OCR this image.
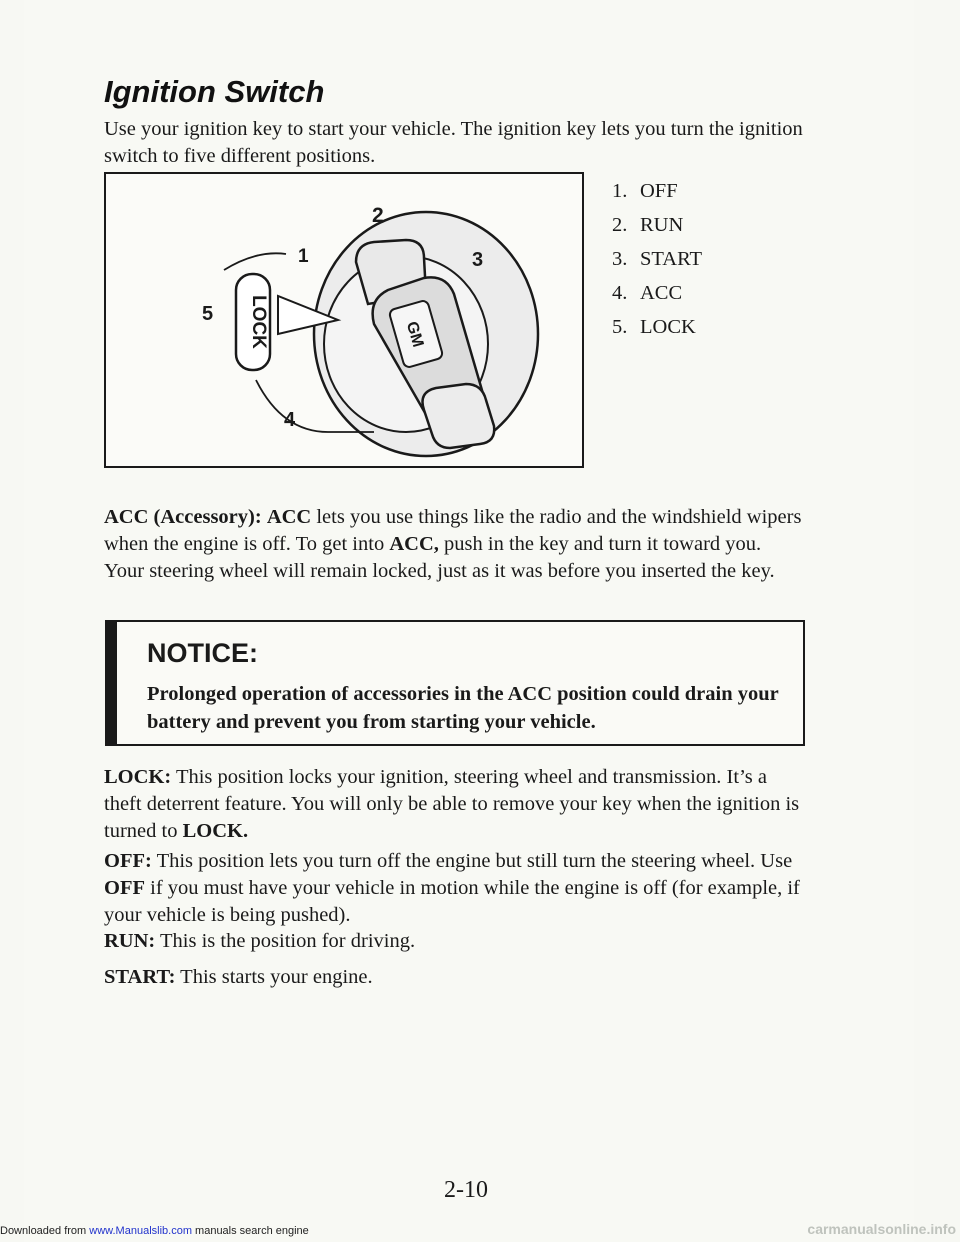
Ignition Switch

Use your ignition key to start your vehicle. The ignition key lets you turn the ignition switch to five different positions.

LOCK	GM
1
2
3
4
5
1. OFF
2. RUN
3. START
4. ACC
5. LOCK

ACC (Accessory): ACC lets you use things like the radio and the windshield wipers when the engine is off. To get into ACC, push in the key and turn it toward you. Your steering wheel will remain locked, just as it was before you inserted the key.

NOTICE:

Prolonged operation of accessories in the ACC position could drain your battery and prevent you from starting your vehicle.

LOCK: This position locks your ignition, steering wheel and transmission. It’s a theft deterrent feature. You will only be able to remove your key when the ignition is turned to LOCK.

OFF: This position lets you turn off the engine but still turn the steering wheel. Use OFF if you must have your vehicle in motion while the engine is off (for example, if your vehicle is being pushed).

RUN: This is the position for driving.

START: This starts your engine.

2-10

Downloaded from www.Manualslib.com manuals search engine	carmanualsonline.info
